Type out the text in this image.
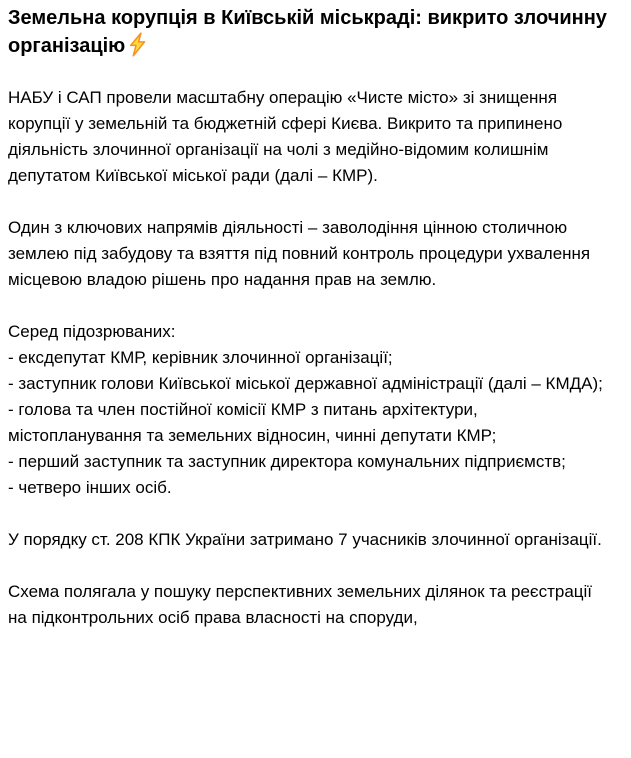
Земельна корупція в Київській міськраді: викрито злочинну організацію

НАБУ і САП провели масштабну операцію «Чисте місто» зі знищення корупції у земельній та бюджетній сфері Києва. Викрито та припинено діяльність злочинної організації на чолі з медійно-відомим колишнім депутатом Київської міської ради (далі – КМР).

Один з ключових напрямів діяльності – заволодіння цінною столичною землею під забудову та взяття під повний контроль процедури ухвалення місцевою владою рішень про надання прав на землю.

Серед підозрюваних:
- ексдепутат КМР, керівник злочинної організації;
- заступник голови Київської міської державної адміністрації (далі – КМДА);
- голова та член постійної комісії КМР з питань архітектури, містопланування та земельних відносин, чинні депутати КМР;
- перший заступник та заступник директора комунальних підприємств;
- четверо інших осіб.

У порядку ст. 208 КПК України затримано 7 учасників злочинної організації.

Схема полягала у пошуку перспективних земельних ділянок та реєстрації на підконтрольних осіб права власності на споруди,
